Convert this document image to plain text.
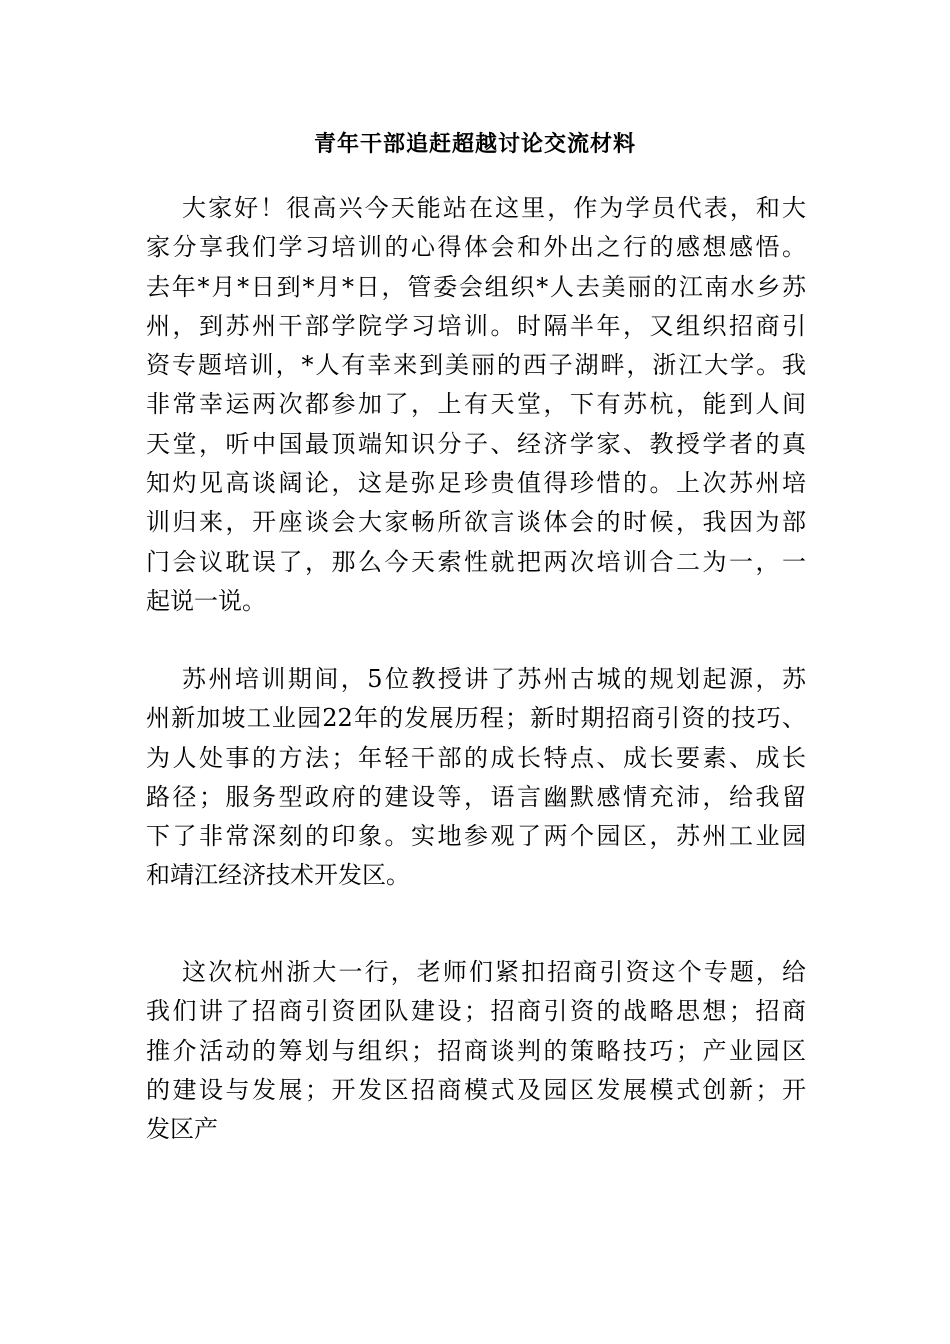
青年干部追赶超越讨论交流材料
大家好！很高兴今天能站在这里，作为学员代表，和大
家分享我们学习培训的心得体会和外出之行的感想感悟。
去年*月*日到*月*日，管委会组织*人去美丽的江南水乡苏
州，到苏州干部学院学习培训。时隔半年，又组织招商引
资专题培训，*人有幸来到美丽的西子湖畔，浙江大学。我
非常幸运两次都参加了，上有天堂，下有苏杭，能到人间
天堂，听中国最顶端知识分子、经济学家、教授学者的真
知灼见高谈阔论，这是弥足珍贵值得珍惜的。上次苏州培
训归来，开座谈会大家畅所欲言谈体会的时候，我因为部
门会议耽误了，那么今天索性就把两次培训合二为一，一
起说一说。
苏州培训期间，5位教授讲了苏州古城的规划起源，苏
州新加坡工业园22年的发展历程；新时期招商引资的技巧、
为人处事的方法；年轻干部的成长特点、成长要素、成长
路径；服务型政府的建设等，语言幽默感情充沛，给我留
下了非常深刻的印象。实地参观了两个园区，苏州工业园
和靖江经济技术开发区。
这次杭州浙大一行，老师们紧扣招商引资这个专题，给
我们讲了招商引资团队建设；招商引资的战略思想；招商
推介活动的筹划与组织；招商谈判的策略技巧；产业园区
的建设与发展；开发区招商模式及园区发展模式创新；开
发区产
